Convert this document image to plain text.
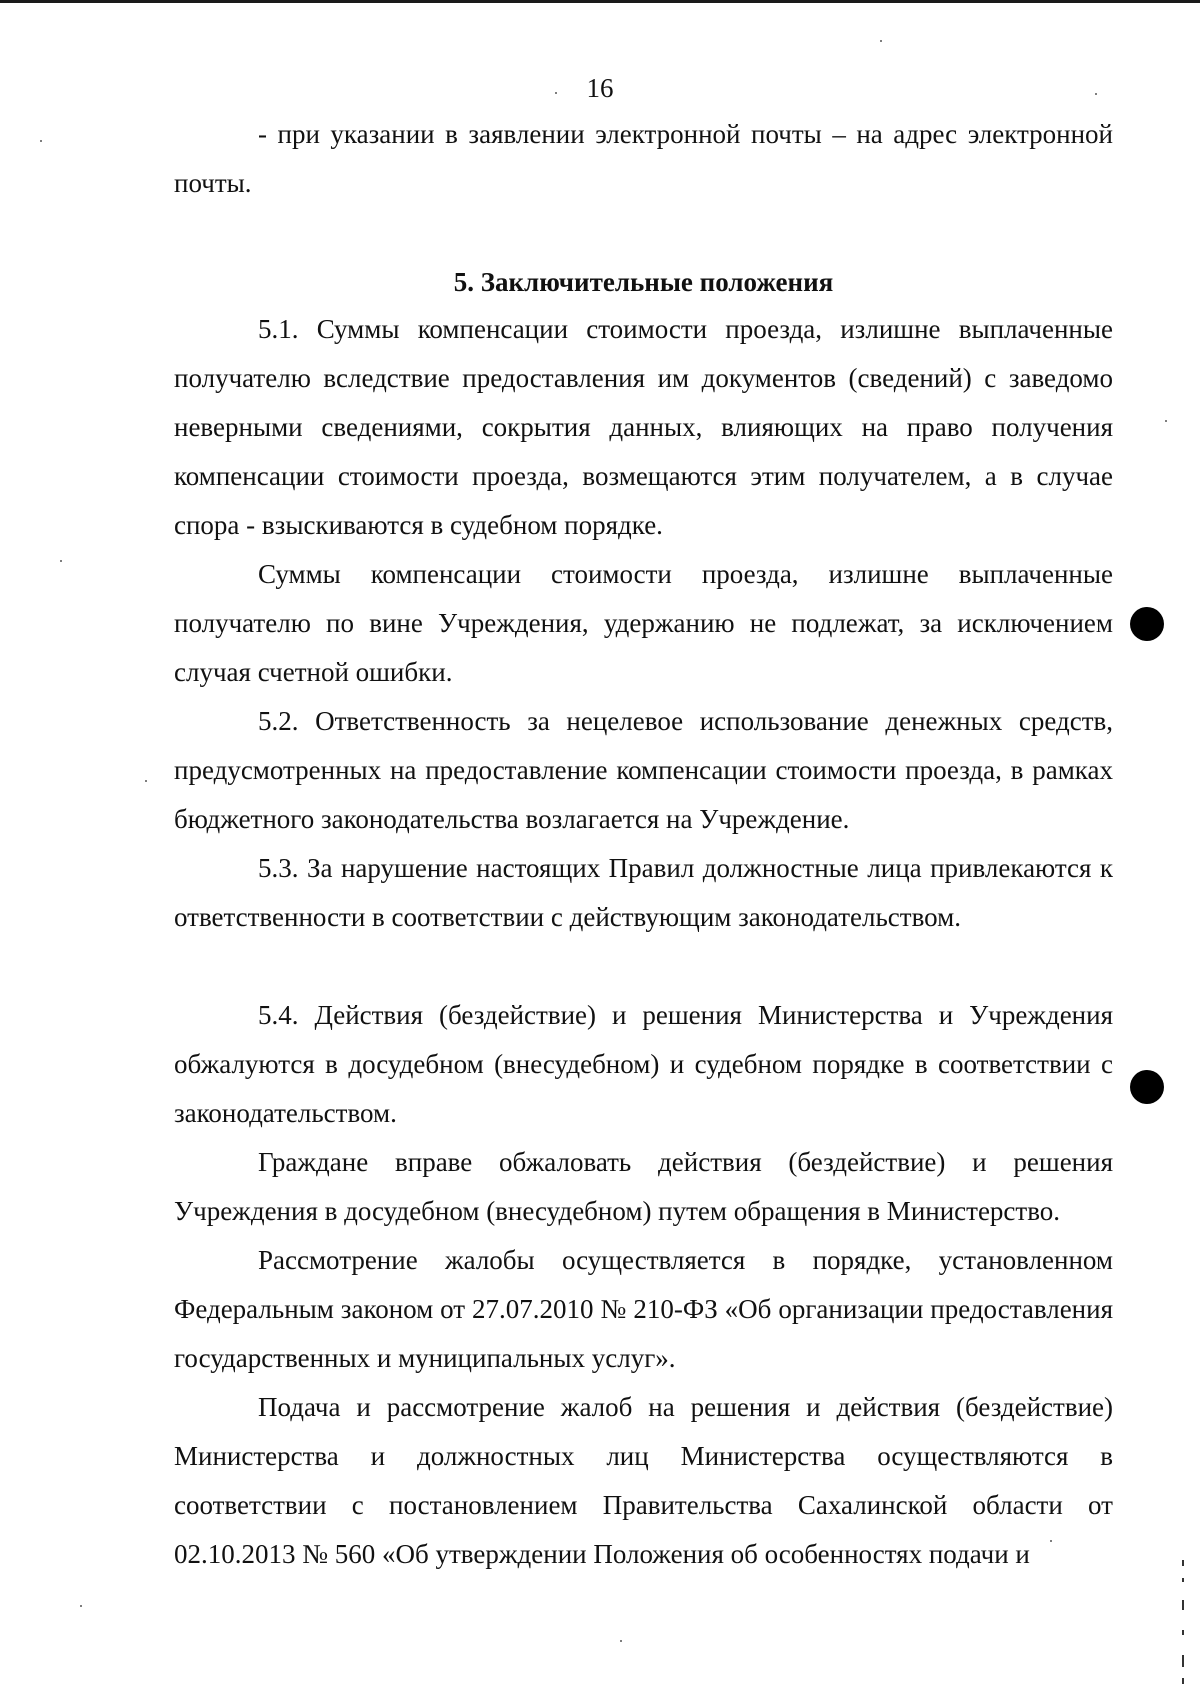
16

- при указании в заявлении электронной почты – на адрес электронной почты.

5. Заключительные положения

5.1. Суммы компенсации стоимости проезда, излишне выплаченные получателю вследствие предоставления им документов (сведений) с заведомо неверными сведениями, сокрытия данных, влияющих на право получения компенсации стоимости проезда, возмещаются этим получателем, а в случае спора - взыскиваются в судебном порядке.

Суммы компенсации стоимости проезда, излишне выплаченные получателю по вине Учреждения, удержанию не подлежат, за исключением случая счетной ошибки.

5.2. Ответственность за нецелевое использование денежных средств, предусмотренных на предоставление компенсации стоимости проезда, в рамках бюджетного законодательства возлагается на Учреждение.

5.3. За нарушение настоящих Правил должностные лица привлекаются к ответственности в соответствии с действующим законодательством.

5.4. Действия (бездействие) и решения Министерства и Учреждения обжалуются в досудебном (внесудебном) и судебном порядке в соответствии с законодательством.

Граждане вправе обжаловать действия (бездействие) и решения Учреждения в досудебном (внесудебном) путем обращения в Министерство.

Рассмотрение жалобы осуществляется в порядке, установленном Федеральным законом от 27.07.2010 № 210-ФЗ «Об организации предоставления государственных и муниципальных услуг».

Подача и рассмотрение жалоб на решения и действия (бездействие) Министерства и должностных лиц Министерства осуществляются в соответствии с постановлением Правительства Сахалинской области от 02.10.2013 № 560 «Об утверждении Положения об особенностях подачи и
